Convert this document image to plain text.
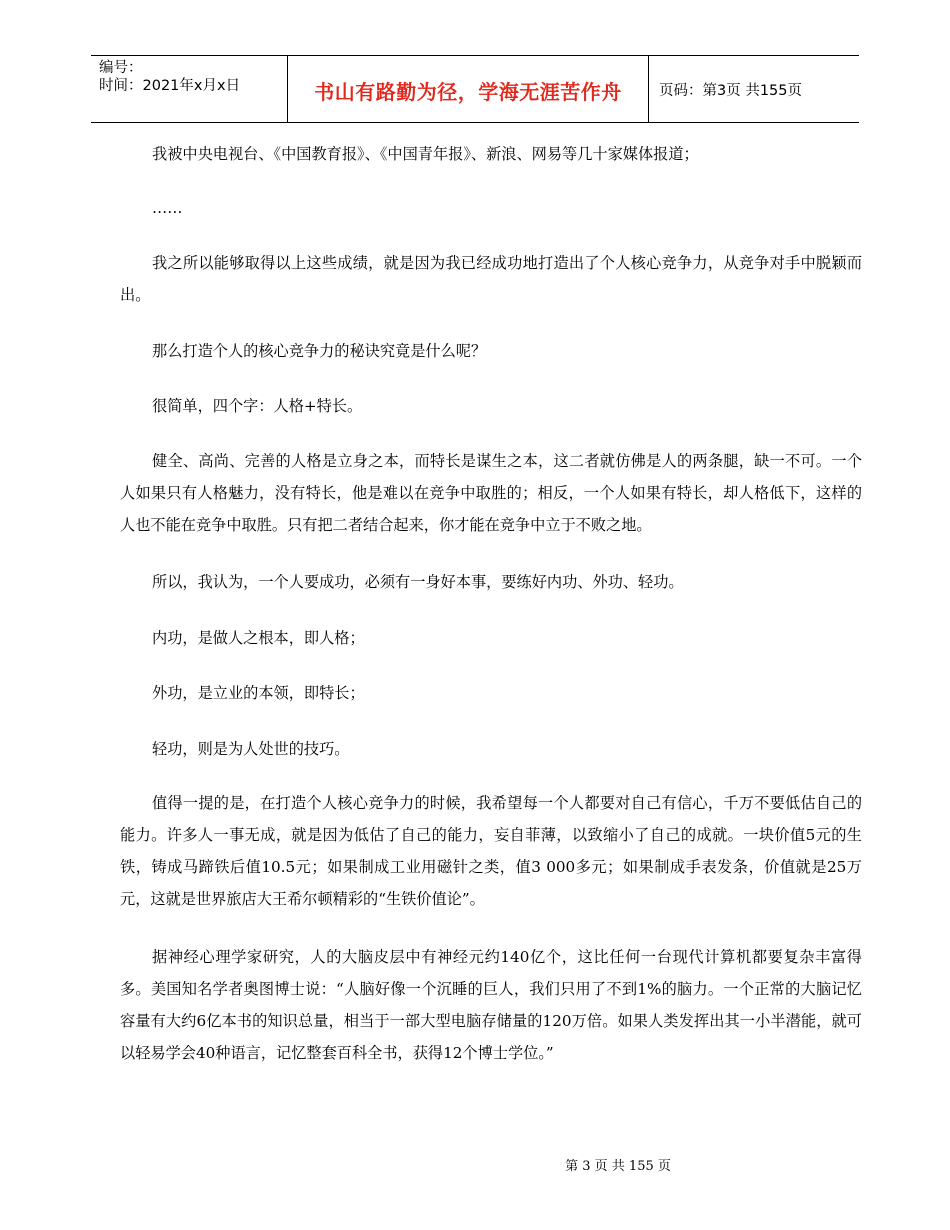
编号：
时间：2021年x月x日	书山有路勤为径，学海无涯苦作舟	页码：第3页 共155页
我被中央电视台、《中国教育报》、《中国青年报》、新浪、网易等几十家媒体报道；
……
我之所以能够取得以上这些成绩，就是因为我已经成功地打造出了个人核心竞争力，从竞争对手中脱颖而出。
那么打造个人的核心竞争力的秘诀究竟是什么呢？
很简单，四个字：人格+特长。
健全、高尚、完善的人格是立身之本，而特长是谋生之本，这二者就仿佛是人的两条腿，缺一不可。一个人如果只有人格魅力，没有特长，他是难以在竞争中取胜的；相反，一个人如果有特长，却人格低下，这样的人也不能在竞争中取胜。只有把二者结合起来，你才能在竞争中立于不败之地。
所以，我认为，一个人要成功，必须有一身好本事，要练好内功、外功、轻功。
内功，是做人之根本，即人格；
外功，是立业的本领，即特长；
轻功，则是为人处世的技巧。
值得一提的是，在打造个人核心竞争力的时候，我希望每一个人都要对自己有信心，千万不要低估自己的能力。许多人一事无成，就是因为低估了自己的能力，妄自菲薄，以致缩小了自己的成就。一块价值5元的生铁，铸成马蹄铁后值10.5元；如果制成工业用磁针之类，值3 000多元；如果制成手表发条，价值就是25万元，这就是世界旅店大王希尔顿精彩的“生铁价值论”。
据神经心理学家研究，人的大脑皮层中有神经元约140亿个，这比任何一台现代计算机都要复杂丰富得多。美国知名学者奥图博士说：“人脑好像一个沉睡的巨人，我们只用了不到1%的脑力。一个正常的大脑记忆容量有大约6亿本书的知识总量，相当于一部大型电脑存储量的120万倍。如果人类发挥出其一小半潜能，就可以轻易学会40种语言，记忆整套百科全书，获得12个博士学位。”
第 3 页 共 155 页
